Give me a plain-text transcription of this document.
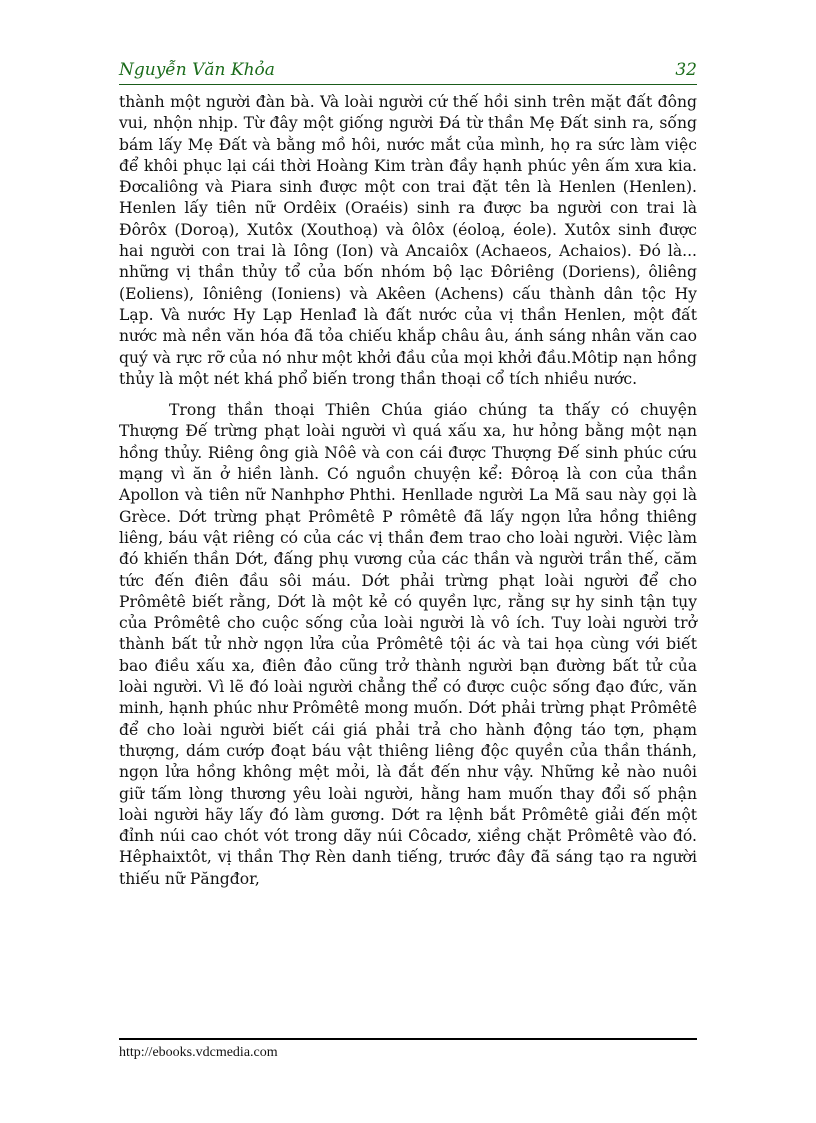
Nguyễn Văn Khỏa	32

thành một người đàn bà. Và loài người cứ thế hồi sinh trên mặt đất đông vui, nhộn nhịp. Từ đây một giống người Đá từ thần Mẹ Đất sinh ra, sống bám lấy Mẹ Đất và bằng mồ hôi, nước mắt của mình, họ ra sức làm việc để khôi phục lại cái thời Hoàng Kim tràn đầy hạnh phúc yên ấm xưa kia. Đơcaliông và Piara sinh được một con trai đặt tên là Henlen (Henlen). Henlen lấy tiên nữ Ordêix (Oraéis) sinh ra được ba người con trai là Đôrôx (Doroạ), Xutôx (Xouthoạ) và ôlôx (éoloạ, éole). Xutôx sinh được hai người con trai là Iông (Ion) và Ancaiôx (Achaeos, Achaios). Đó là... những vị thần thủy tổ của bốn nhóm bộ lạc Đôriêng (Doriens), ôliêng (Eoliens), Iôniêng (Ioniens) và Akêen (Achens) cấu thành dân tộc Hy Lạp. Và nước Hy Lạp Henlađ là đất nước của vị thần Henlen, một đất nước mà nền văn hóa đã tỏa chiếu khắp châu âu, ánh sáng nhân văn cao quý và rực rỡ của nó như một khởi đầu của mọi khởi đầu.Môtip nạn hồng thủy là một nét khá phổ biến trong thần thoại cổ tích nhiều nước.

Trong thần thoại Thiên Chúa giáo chúng ta thấy có chuyện Thượng Đế trừng phạt loài người vì quá xấu xa, hư hỏng bằng một nạn hồng thủy. Riêng ông già Nôê và con cái được Thượng Đế sinh phúc cứu mạng vì ăn ở hiền lành. Có nguồn chuyện kể: Đôroạ là con của thần Apollon và tiên nữ Nanhphơ Phthi. Henllade người La Mã sau này gọi là Grèce. Dớt trừng phạt Prômêtê P rômêtê đã lấy ngọn lửa hồng thiêng liêng, báu vật riêng có của các vị thần đem trao cho loài người. Việc làm đó khiến thần Dớt, đấng phụ vương của các thần và người trần thế, căm tức đến điên đầu sôi máu. Dớt phải trừng phạt loài người để cho Prômêtê biết rằng, Dớt là một kẻ có quyền lực, rằng sự hy sinh tận tụy của Prômêtê cho cuộc sống của loài người là vô ích. Tuy loài người trở thành bất tử nhờ ngọn lửa của Prômêtê tội ác và tai họa cùng với biết bao điều xấu xa, điên đảo cũng trở thành người bạn đường bất tử của loài người. Vì lẽ đó loài người chẳng thể có được cuộc sống đạo đức, văn minh, hạnh phúc như Prômêtê mong muốn. Dớt phải trừng phạt Prômêtê để cho loài người biết cái giá phải trả cho hành động táo tợn, phạm thượng, dám cướp đoạt báu vật thiêng liêng độc quyền của thần thánh, ngọn lửa hồng không mệt mỏi, là đắt đến như vậy. Những kẻ nào nuôi giữ tấm lòng thương yêu loài người, hằng ham muốn thay đổi số phận loài người hãy lấy đó làm gương. Dớt ra lệnh bắt Prômêtê giải đến một đỉnh núi cao chót vót trong dãy núi Côcadơ, xiềng chặt Prômêtê vào đó. Hêphaixtôt, vị thần Thợ Rèn danh tiếng, trước đây đã sáng tạo ra người thiếu nữ Păngđor,

http://ebooks.vdcmedia.com
